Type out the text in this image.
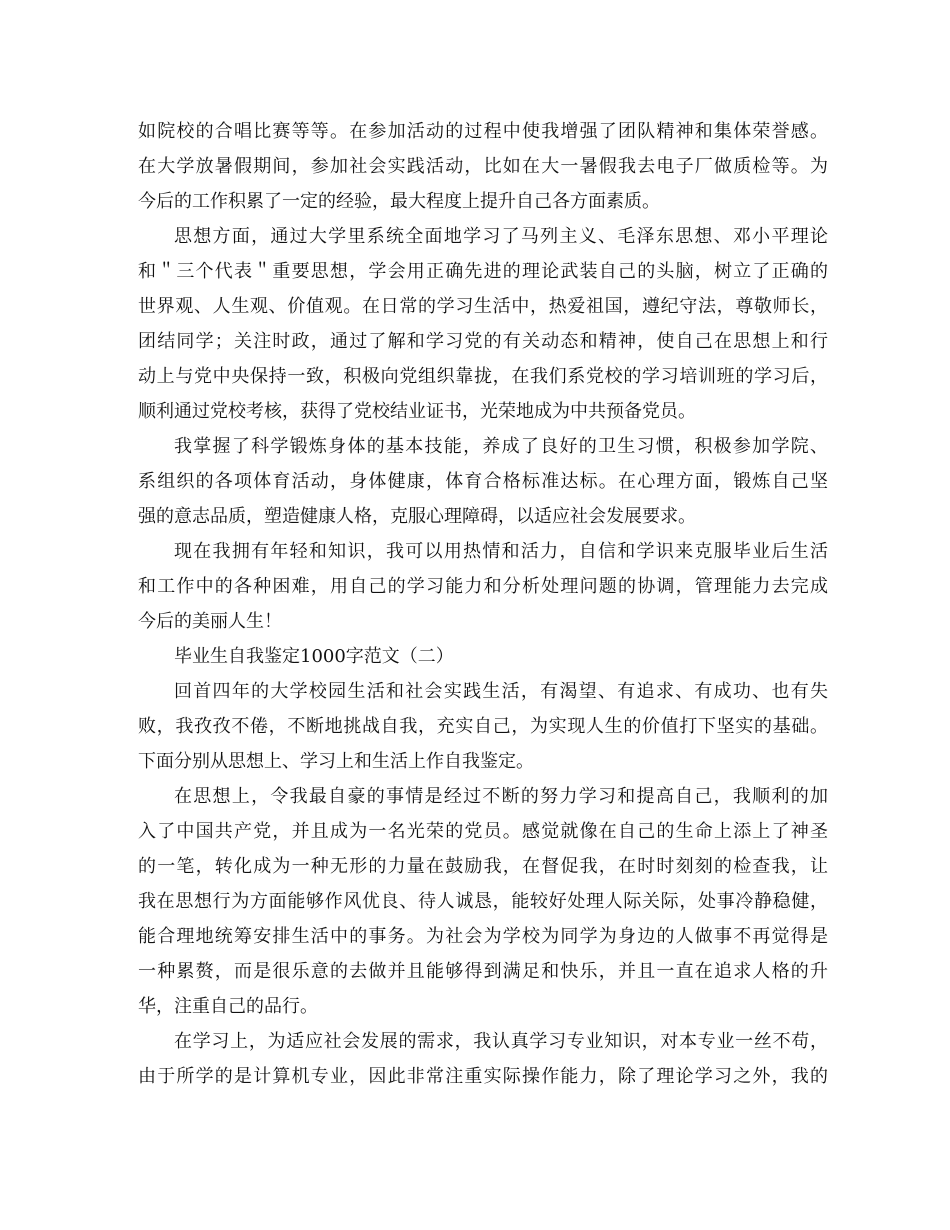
如院校的合唱比赛等等。在参加活动的过程中使我增强了团队精神和集体荣誉感。
在大学放暑假期间，参加社会实践活动，比如在大一暑假我去电子厂做质检等。为
今后的工作积累了一定的经验，最大程度上提升自己各方面素质。
思想方面，通过大学里系统全面地学习了马列主义、毛泽东思想、邓小平理论
和＂三个代表＂重要思想，学会用正确先进的理论武装自己的头脑，树立了正确的
世界观、人生观、价值观。在日常的学习生活中，热爱祖国，遵纪守法，尊敬师长，
团结同学；关注时政，通过了解和学习党的有关动态和精神，使自己在思想上和行
动上与党中央保持一致，积极向党组织靠拢，在我们系党校的学习培训班的学习后，
顺利通过党校考核，获得了党校结业证书，光荣地成为中共预备党员。
我掌握了科学锻炼身体的基本技能，养成了良好的卫生习惯，积极参加学院、
系组织的各项体育活动，身体健康，体育合格标准达标。在心理方面，锻炼自己坚
强的意志品质，塑造健康人格，克服心理障碍，以适应社会发展要求。
现在我拥有年轻和知识，我可以用热情和活力，自信和学识来克服毕业后生活
和工作中的各种困难，用自己的学习能力和分析处理问题的协调，管理能力去完成
今后的美丽人生！
毕业生自我鉴定1000字范文（二）
回首四年的大学校园生活和社会实践生活，有渴望、有追求、有成功、也有失
败，我孜孜不倦，不断地挑战自我，充实自己，为实现人生的价值打下坚实的基础。
下面分别从思想上、学习上和生活上作自我鉴定。
在思想上，令我最自豪的事情是经过不断的努力学习和提高自己，我顺利的加
入了中国共产党，并且成为一名光荣的党员。感觉就像在自己的生命上添上了神圣
的一笔，转化成为一种无形的力量在鼓励我，在督促我，在时时刻刻的检查我，让
我在思想行为方面能够作风优良、待人诚恳，能较好处理人际关际，处事冷静稳健，
能合理地统筹安排生活中的事务。为社会为学校为同学为身边的人做事不再觉得是
一种累赘，而是很乐意的去做并且能够得到满足和快乐，并且一直在追求人格的升
华，注重自己的品行。
在学习上，为适应社会发展的需求，我认真学习专业知识，对本专业一丝不苟，
由于所学的是计算机专业，因此非常注重实际操作能力，除了理论学习之外，我的
